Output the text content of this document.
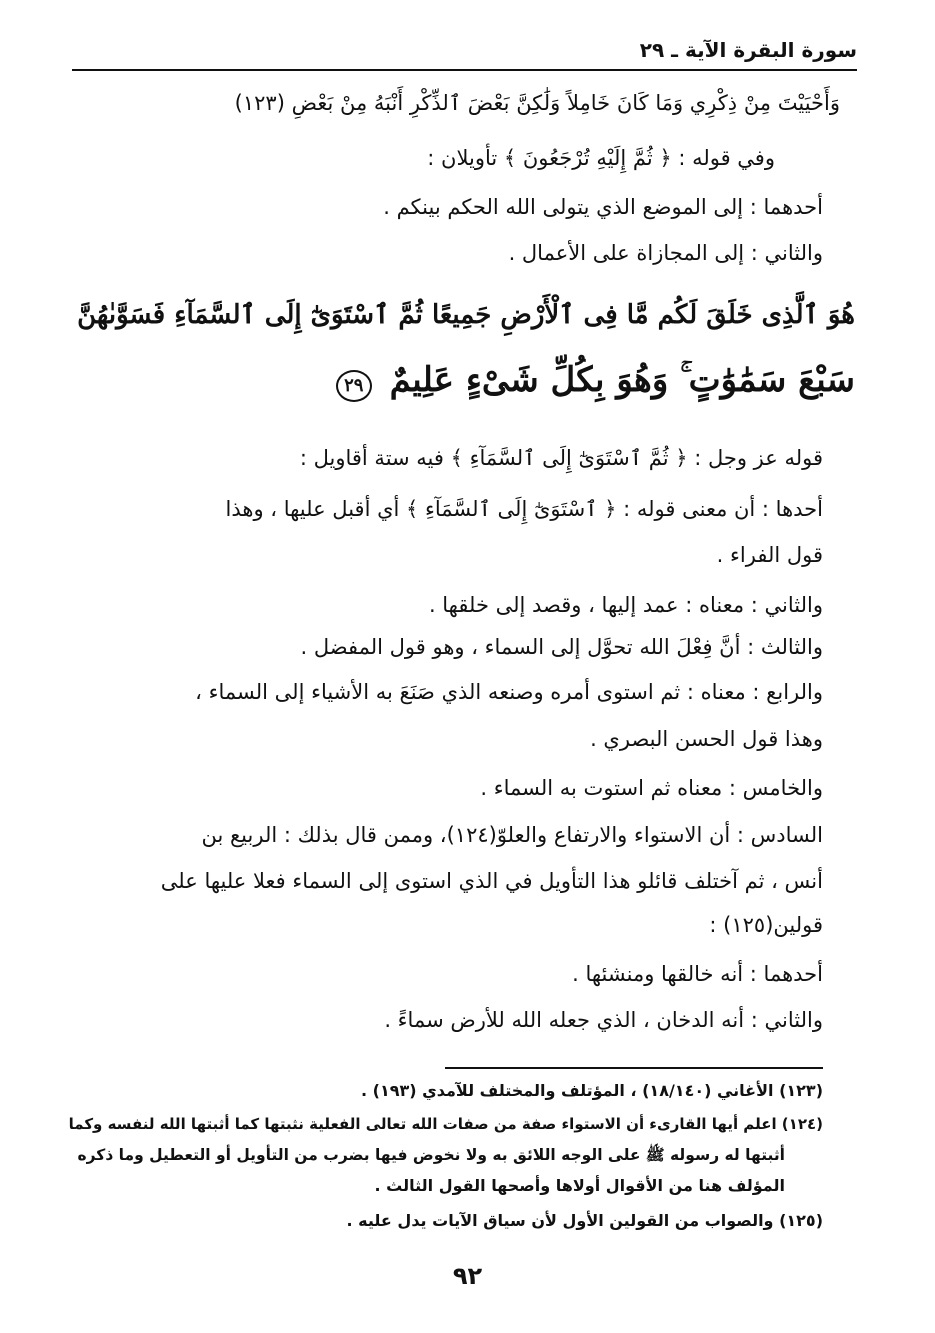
سورة البقرة الآية ـ ٢٩
وَأَحْيَيْتَ مِنْ ذِكْرِي وَمَا كَانَ خَامِلاً وَلَٰكِنَّ بَعْضَ ٱلذِّكْرِ أَنْبَهُ مِنْ بَعْضِ (١٢٣)
وفي قوله : ﴿ ثُمَّ إِلَيْهِ تُرْجَعُونَ ﴾ تأويلان :
أحدهما : إلى الموضع الذي يتولى الله الحكم بينكم .
والثاني : إلى المجازاة على الأعمال .
هُوَ ٱلَّذِى خَلَقَ لَكُم مَّا فِى ٱلْأَرْضِ جَمِيعًا ثُمَّ ٱسْتَوَىٰٓ إِلَى ٱلسَّمَآءِ فَسَوَّىٰهُنَّ
سَبْعَ سَمَٰوَٰتٍ ۚ وَهُوَ بِكُلِّ شَىْءٍ عَلِيمٌ ٢٩
قوله عز وجل : ﴿ ثُمَّ ٱسْتَوَىٰٓ إِلَى ٱلسَّمَآءِ ﴾ فيه ستة أقاويل :
أحدها : أن معنى قوله : ﴿ ٱسْتَوَىٰٓ إِلَى ٱلسَّمَآءِ ﴾ أي أقبل عليها ، وهذا
قول الفراء .
والثاني : معناه : عمد إليها ، وقصد إلى خلقها .
والثالث : أنَّ فِعْلَ الله تحوَّل إلى السماء ، وهو قول المفضل .
والرابع : معناه : ثم استوى أمره وصنعه الذي صَنَعَ به الأشياء إلى السماء ،
وهذا قول الحسن البصري .
والخامس : معناه ثم استوت به السماء .
السادس : أن الاستواء والارتفاع والعلوّ(١٢٤)، وممن قال بذلك : الربيع بن
أنس ، ثم آختلف قائلو هذا التأويل في الذي استوى إلى السماء فعلا عليها على
قولين(١٢٥) :
أحدهما : أنه خالقها ومنشئها .
والثاني : أنه الدخان ، الذي جعله الله للأرض سماءً .
(١٢٣) الأغاني (١٨/١٤٠) ، المؤتلف والمختلف للآمدي (١٩٣) .
(١٢٤) اعلم أيها القارىء أن الاستواء صفة من صفات الله تعالى الفعلية نثبتها كما أثبتها الله لنفسه وكما
أثبتها له رسوله ﷺ على الوجه اللائق به ولا نخوض فيها بضرب من التأويل أو التعطيل وما ذكره
المؤلف هنا من الأقوال أولاها وأصحها القول الثالث .
(١٢٥) والصواب من القولين الأول لأن سياق الآيات يدل عليه .
٩٢
